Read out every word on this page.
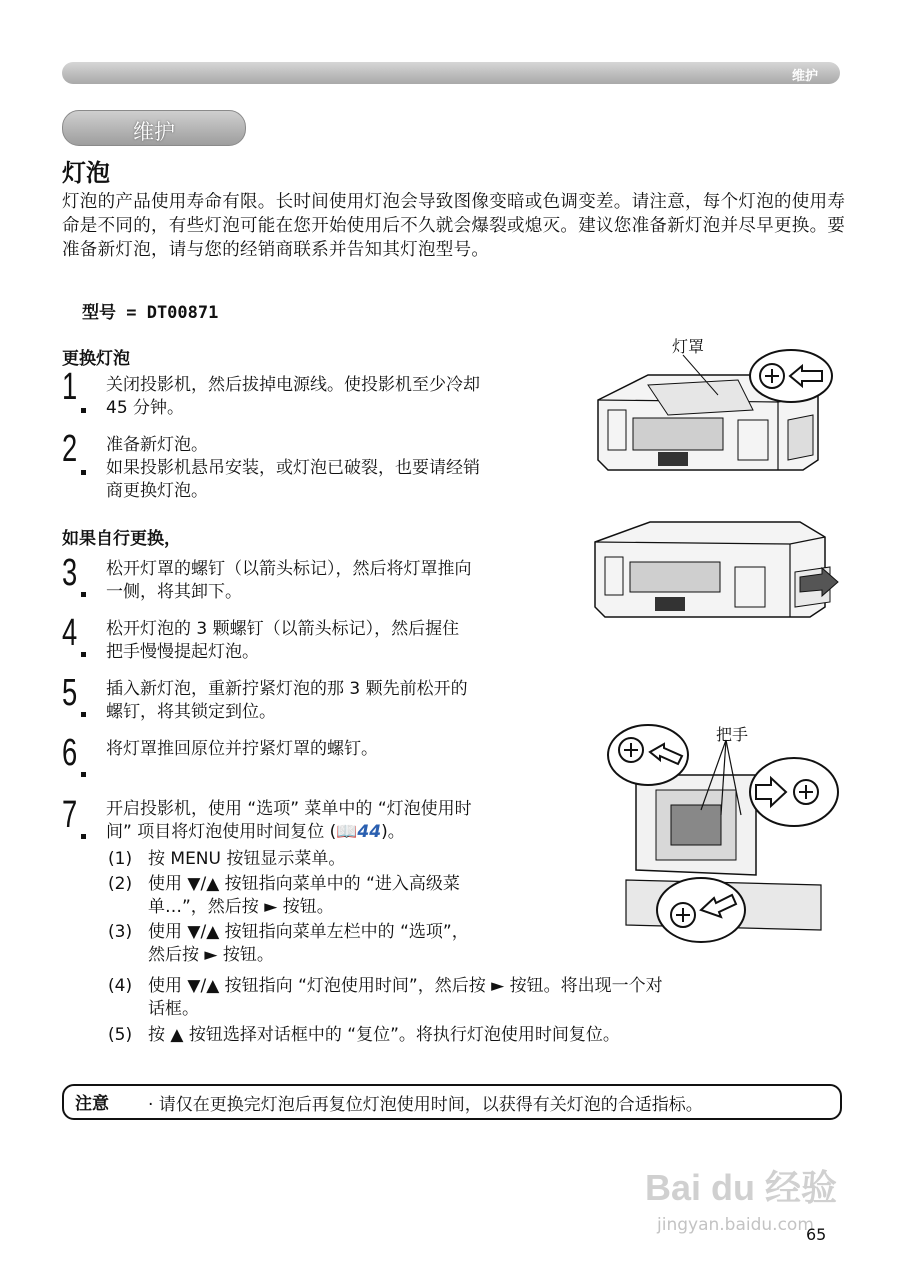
维护
维护
灯泡
灯泡的产品使用寿命有限。长时间使用灯泡会导致图像变暗或色调变差。请注意，每个灯泡的使用寿命是不同的，有些灯泡可能在您开始使用后不久就会爆裂或熄灭。建议您准备新灯泡并尽早更换。要准备新灯泡，请与您的经销商联系并告知其灯泡型号。
型号 = DT00871
更换灯泡
1 关闭投影机，然后拔掉电源线。使投影机至少冷却
45 分钟。
2 准备新灯泡。
如果投影机悬吊安装，或灯泡已破裂，也要请经销
商更换灯泡。
如果自行更换，
3 松开灯罩的螺钉（以箭头标记），然后将灯罩推向
一侧，将其卸下。
4 松开灯泡的 3 颗螺钉（以箭头标记），然后握住
把手慢慢提起灯泡。
5 插入新灯泡，重新拧紧灯泡的那 3 颗先前松开的
螺钉，将其锁定到位。
6 将灯罩推回原位并拧紧灯罩的螺钉。
7 开启投影机，使用 “选项” 菜单中的 “灯泡使用时
间” 项目将灯泡使用时间复位 (📖44)。
(1) 按 MENU 按钮显示菜单。
(2) 使用 ▼/▲ 按钮指向菜单中的 “进入高级菜
单…”，然后按 ► 按钮。
(3) 使用 ▼/▲ 按钮指向菜单左栏中的 “选项”，
然后按 ► 按钮。
(4) 使用 ▼/▲ 按钮指向 “灯泡使用时间”，然后按 ► 按钮。将出现一个对
话框。
(5) 按 ▲ 按钮选择对话框中的 “复位”。将执行灯泡使用时间复位。
灯罩
把手
注意 · 请仅在更换完灯泡后再复位灯泡使用时间，以获得有关灯泡的合适指标。
Bai du 经验
jingyan.baidu.com
65
